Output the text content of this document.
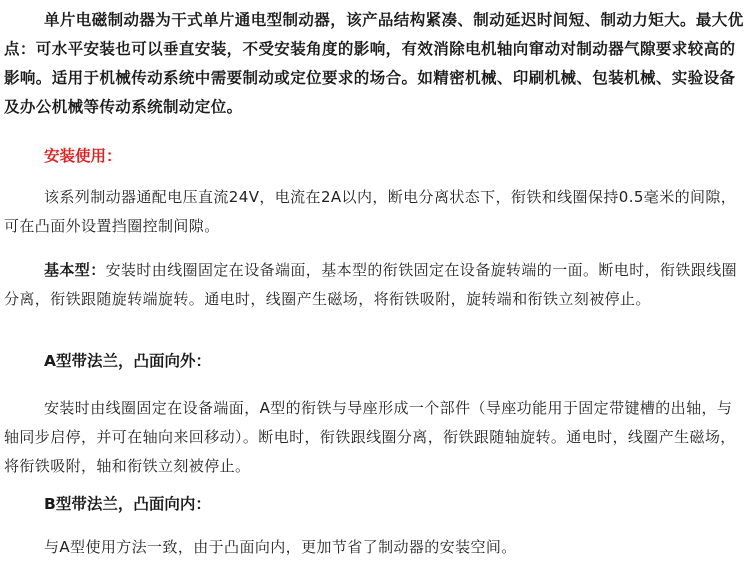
单片电磁制动器为干式单片通电型制动器，该产品结构紧凑、制动延迟时间短、制动力矩大。最大优点：可水平安装也可以垂直安装，不受安装角度的影响，有效消除电机轴向窜动对制动器气隙要求较高的影响。适用于机械传动系统中需要制动或定位要求的场合。如精密机械、印刷机械、包装机械、实验设备及办公机械等传动系统制动定位。

安装使用：

该系列制动器通配电压直流24V，电流在2A以内，断电分离状态下，衔铁和线圈保持0.5毫米的间隙，可在凸面外设置挡圈控制间隙。

基本型：安装时由线圈固定在设备端面，基本型的衔铁固定在设备旋转端的一面。断电时，衔铁跟线圈分离，衔铁跟随旋转端旋转。通电时，线圈产生磁场，将衔铁吸附，旋转端和衔铁立刻被停止。

A型带法兰，凸面向外：

安装时由线圈固定在设备端面，A型的衔铁与导座形成一个部件（导座功能用于固定带键槽的出轴，与轴同步启停，并可在轴向来回移动）。断电时，衔铁跟线圈分离，衔铁跟随轴旋转。通电时，线圈产生磁场，将衔铁吸附，轴和衔铁立刻被停止。

B型带法兰，凸面向内：

与A型使用方法一致，由于凸面向内，更加节省了制动器的安装空间。
